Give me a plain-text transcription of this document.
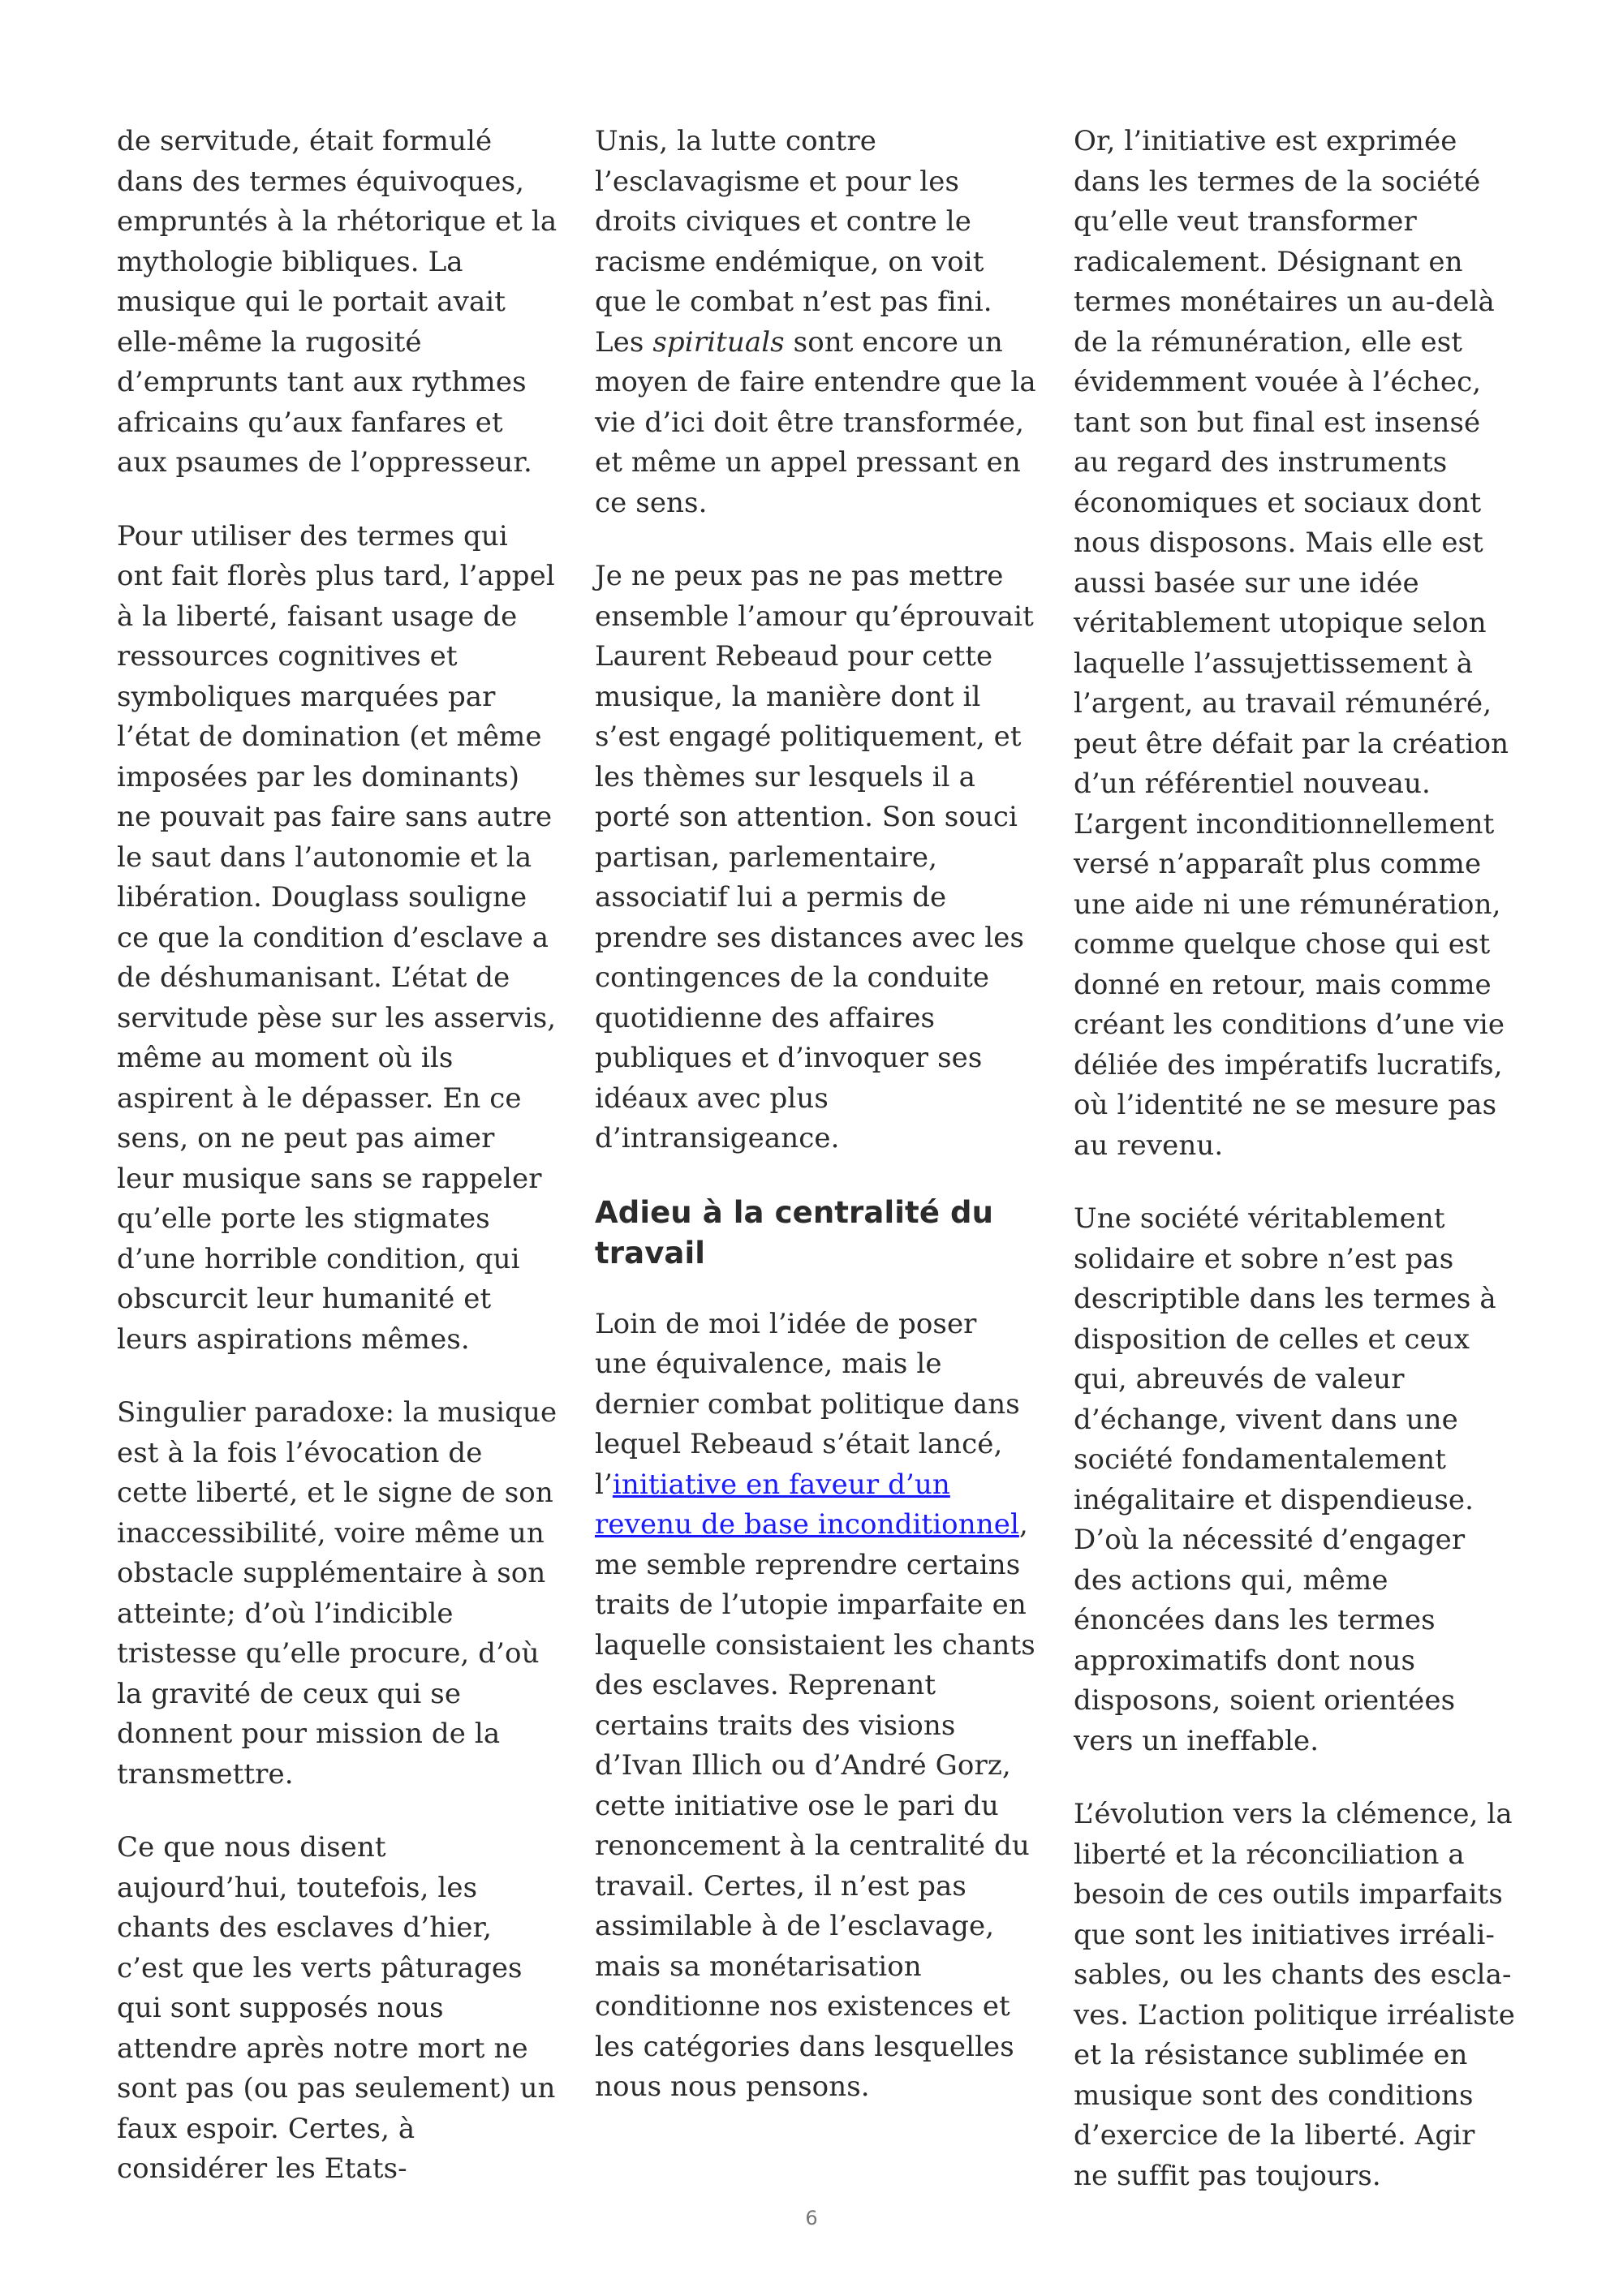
de servitude, était formulé dans des termes équivoques, empruntés à la rhétorique et la mythologie bibliques. La musique qui le portait avait elle-même la rugosité d’emprunts tant aux rythmes africains qu’aux fanfares et aux psaumes de l’oppresseur.

Pour utiliser des termes qui ont fait florès plus tard, l’appel à la liberté, faisant usage de ressources cognitives et symboliques marquées par l’état de domination (et même imposées par les dominants) ne pouvait pas faire sans autre le saut dans l’autonomie et la libération. Douglass souligne ce que la condition d’esclave a de déshumanisant. L’état de servitude pèse sur les asservis, même au moment où ils aspirent à le dépasser. En ce sens, on ne peut pas aimer leur musique sans se rappeler qu’elle porte les stigmates d’une horrible condition, qui obscurcit leur humanité et leurs aspirations mêmes.

Singulier paradoxe: la musique est à la fois l’évocation de cette liberté, et le signe de son inaccessibilité, voire même un obstacle supplémentaire à son atteinte; d’où l’indicible tristesse qu’elle procure, d’où la gravité de ceux qui se donnent pour mission de la transmettre.

Ce que nous disent aujourd’hui, toutefois, les chants des esclaves d’hier, c’est que les verts pâturages qui sont supposés nous attendre après notre mort ne sont pas (ou pas seulement) un faux espoir. Certes, à considérer les Etats-

Unis, la lutte contre l’esclavagisme et pour les droits civiques et contre le racisme endémique, on voit que le combat n’est pas fini. Les spirituals sont encore un moyen de faire entendre que la vie d’ici doit être transformée, et même un appel pressant en ce sens.

Je ne peux pas ne pas mettre ensemble l’amour qu’éprouvait Laurent Rebeaud pour cette musique, la manière dont il s’est engagé politiquement, et les thèmes sur lesquels il a porté son attention. Son souci partisan, parlementaire, associatif lui a permis de prendre ses distances avec les contingences de la conduite quotidienne des affaires publiques et d’invoquer ses idéaux avec plus d’intransigeance.

Adieu à la centralité du travail

Loin de moi l’idée de poser une équivalence, mais le dernier combat politique dans lequel Rebeaud s’était lancé, l’initiative en faveur d’un revenu de base inconditionnel, me semble reprendre certains traits de l’utopie imparfaite en laquelle consistaient les chants des esclaves. Reprenant certains traits des visions d’Ivan Illich ou d’André Gorz, cette initiative ose le pari du renoncement à la centralité du travail. Certes, il n’est pas assimilable à de l’esclavage, mais sa monétarisation conditionne nos existences et les catégories dans lesquelles nous nous pensons.

Or, l’initiative est exprimée dans les termes de la société qu’elle veut transformer radicalement. Désignant en termes monétaires un au-delà de la rémunération, elle est évidemment vouée à l’échec, tant son but final est insensé au regard des instruments économiques et sociaux dont nous disposons. Mais elle est aussi basée sur une idée véritablement utopique selon laquelle l’assujettissement à l’argent, au travail rémunéré, peut être défait par la création d’un référentiel nouveau. L’argent inconditionnellement versé n’apparaît plus comme une aide ni une rémunération, comme quelque chose qui est donné en retour, mais comme créant les conditions d’une vie déliée des impératifs lucratifs, où l’identité ne se mesure pas au revenu.

Une société véritablement solidaire et sobre n’est pas descriptible dans les termes à disposition de celles et ceux qui, abreuvés de valeur d’échange, vivent dans une société fondamentalement inégalitaire et dispendieuse. D’où la nécessité d’engager des actions qui, même énoncées dans les termes approximatifs dont nous disposons, soient orientées vers un ineffable.

L’évolution vers la clémence, la liberté et la réconciliation a besoin de ces outils imparfaits que sont les initiatives irréali-sables, ou les chants des escla-ves. L’action politique irréaliste et la résistance sublimée en musique sont des conditions d’exercice de la liberté. Agir ne suffit pas toujours.

6
